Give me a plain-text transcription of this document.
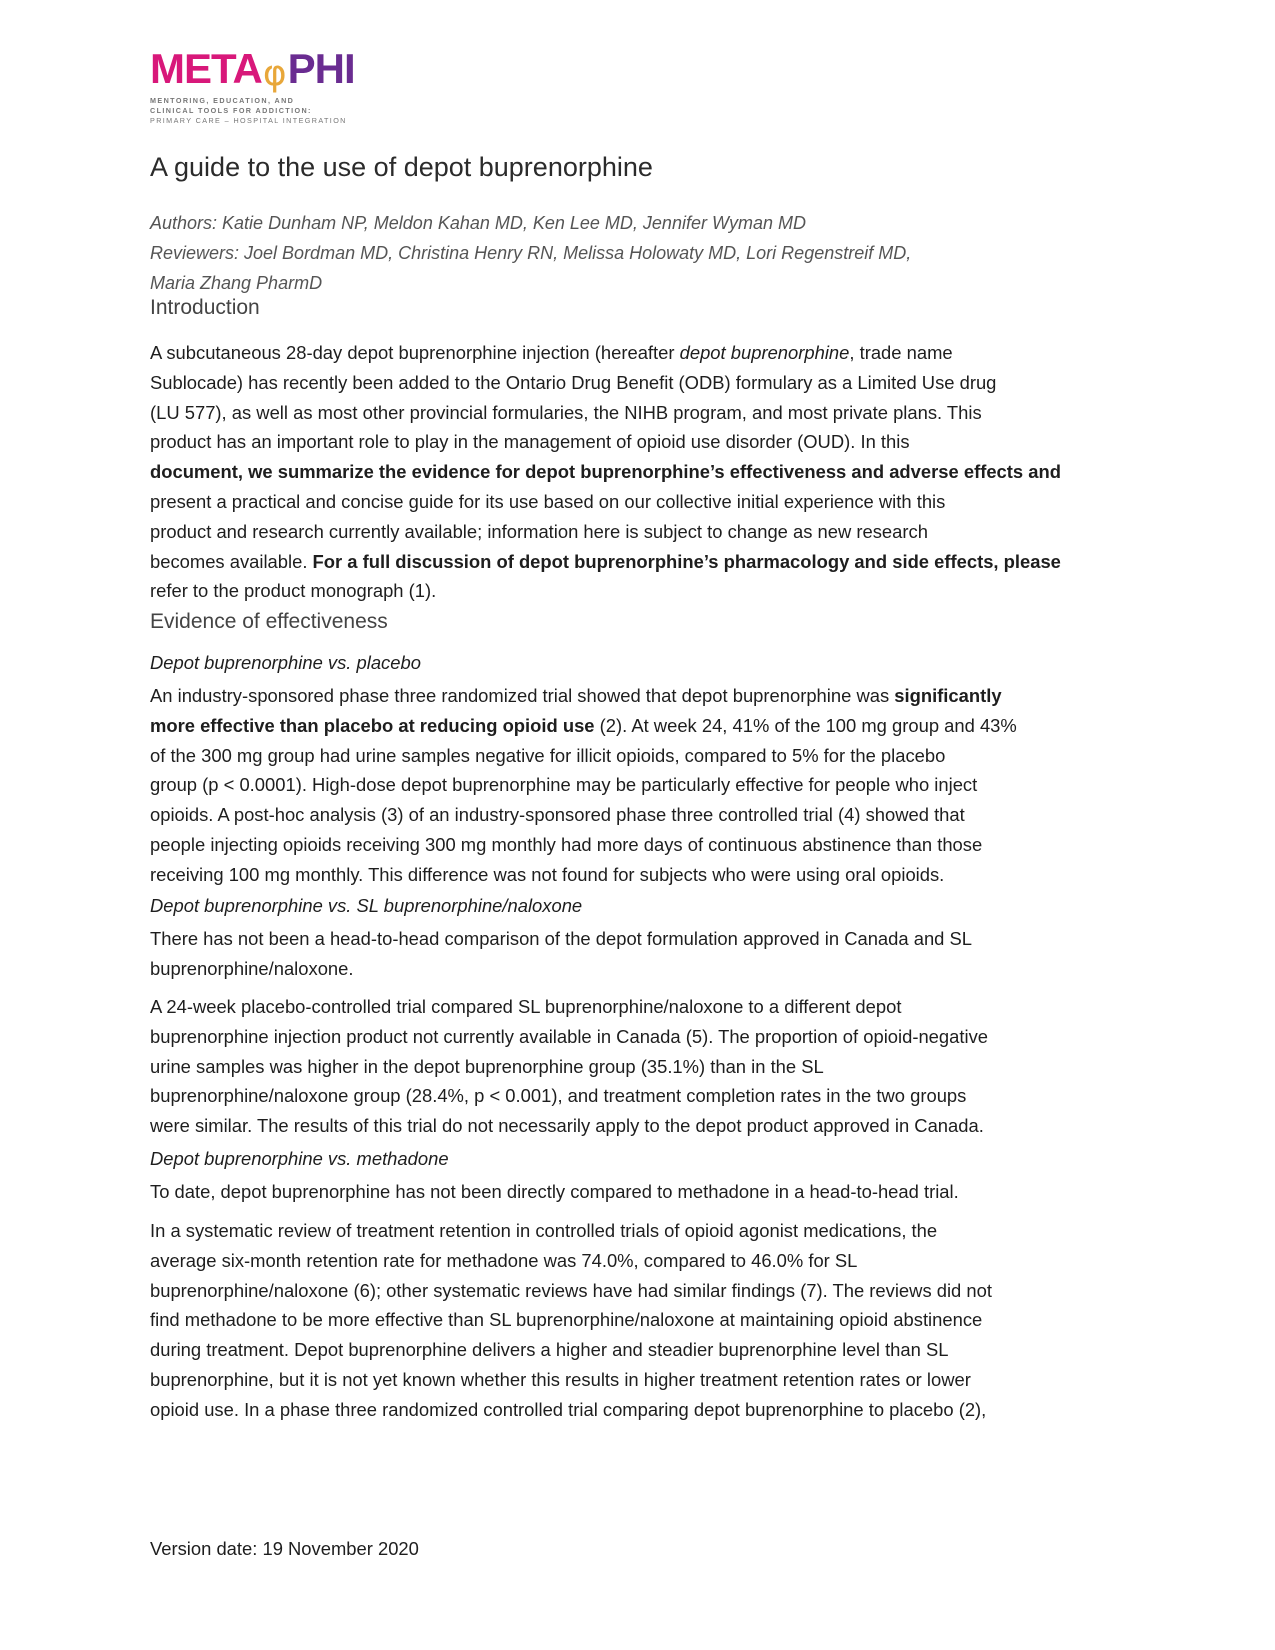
META φ PHI
MENTORING, EDUCATION, AND
CLINICAL TOOLS FOR ADDICTION:
PRIMARY CARE – HOSPITAL INTEGRATION
A guide to the use of depot buprenorphine
Authors: Katie Dunham NP, Meldon Kahan MD, Ken Lee MD, Jennifer Wyman MD
Reviewers: Joel Bordman MD, Christina Henry RN, Melissa Holowaty MD, Lori Regenstreif MD,
Maria Zhang PharmD
Introduction
A subcutaneous 28-day depot buprenorphine injection (hereafter depot buprenorphine, trade name
Sublocade) has recently been added to the Ontario Drug Benefit (ODB) formulary as a Limited Use drug
(LU 577), as well as most other provincial formularies, the NIHB program, and most private plans. This
product has an important role to play in the management of opioid use disorder (OUD). In this
document, we summarize the evidence for depot buprenorphine’s effectiveness and adverse effects and
present a practical and concise guide for its use based on our collective initial experience with this
product and research currently available; information here is subject to change as new research
becomes available. For a full discussion of depot buprenorphine’s pharmacology and side effects, please
refer to the product monograph (1).
Evidence of effectiveness
Depot buprenorphine vs. placebo
An industry-sponsored phase three randomized trial showed that depot buprenorphine was significantly
more effective than placebo at reducing opioid use (2). At week 24, 41% of the 100 mg group and 43%
of the 300 mg group had urine samples negative for illicit opioids, compared to 5% for the placebo
group (p < 0.0001). High-dose depot buprenorphine may be particularly effective for people who inject
opioids. A post-hoc analysis (3) of an industry-sponsored phase three controlled trial (4) showed that
people injecting opioids receiving 300 mg monthly had more days of continuous abstinence than those
receiving 100 mg monthly. This difference was not found for subjects who were using oral opioids.
Depot buprenorphine vs. SL buprenorphine/naloxone
There has not been a head-to-head comparison of the depot formulation approved in Canada and SL
buprenorphine/naloxone.
A 24-week placebo-controlled trial compared SL buprenorphine/naloxone to a different depot
buprenorphine injection product not currently available in Canada (5). The proportion of opioid-negative
urine samples was higher in the depot buprenorphine group (35.1%) than in the SL
buprenorphine/naloxone group (28.4%, p < 0.001), and treatment completion rates in the two groups
were similar. The results of this trial do not necessarily apply to the depot product approved in Canada.
Depot buprenorphine vs. methadone
To date, depot buprenorphine has not been directly compared to methadone in a head-to-head trial.
In a systematic review of treatment retention in controlled trials of opioid agonist medications, the
average six-month retention rate for methadone was 74.0%, compared to 46.0% for SL
buprenorphine/naloxone (6); other systematic reviews have had similar findings (7). The reviews did not
find methadone to be more effective than SL buprenorphine/naloxone at maintaining opioid abstinence
during treatment. Depot buprenorphine delivers a higher and steadier buprenorphine level than SL
buprenorphine, but it is not yet known whether this results in higher treatment retention rates or lower
opioid use. In a phase three randomized controlled trial comparing depot buprenorphine to placebo (2),
Version date: 19 November 2020
